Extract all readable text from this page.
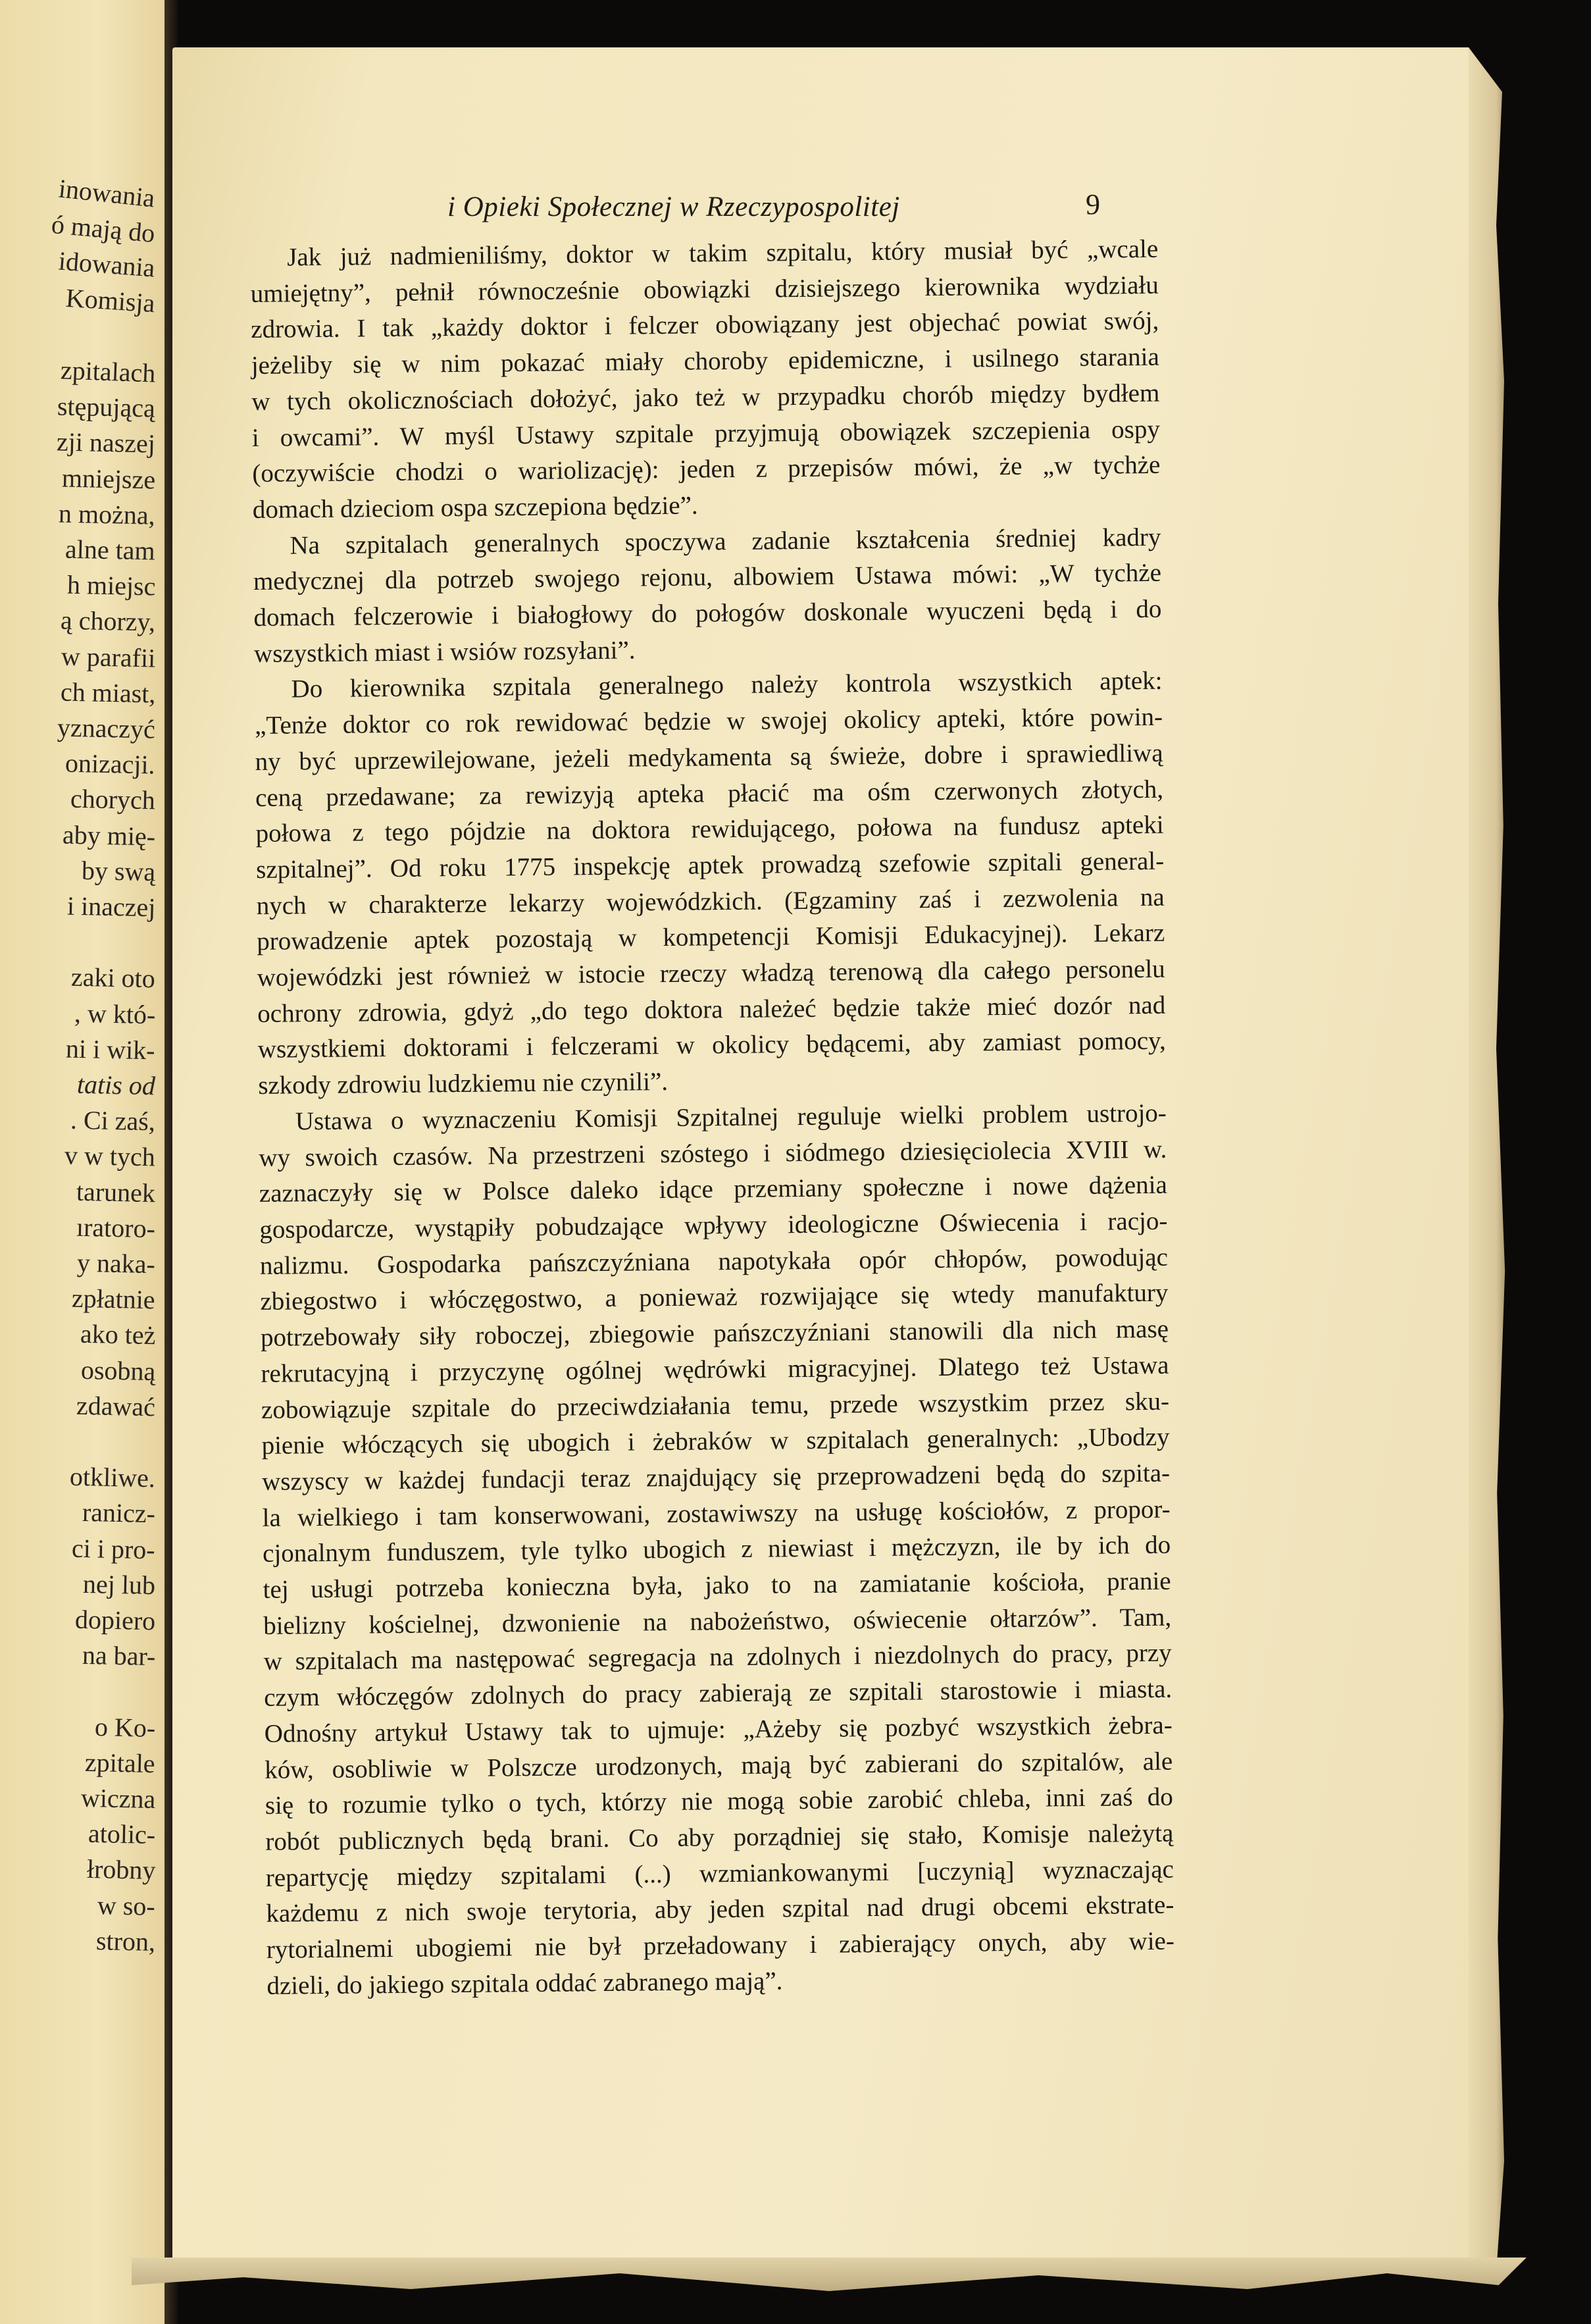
inowania
ó mają do
idowania
Komisja
zpitalach
stępującą
zji naszej
mniejsze
n można,
alne tam
h miejsc
ą chorzy,
w parafii
ch miast,
yznaczyć
onizacji.
chorych
aby mię-
by swą
i inaczej
zaki oto
, w któ-
ni i wik-
tatis od
. Ci zaś,
v w tych
tarunek
ıratoro-
y naka-
zpłatnie
ako też
osobną
zdawać
otkliwe.
ranicz-
ci i pro-
nej lub
dopiero
na bar-
o Ko-
zpitale
wiczna
atolic-
łrobny
w so-
stron,
i Opieki Społecznej w Rzeczypospolitej	9
Jak już nadmieniliśmy, doktor w takim szpitalu, który musiał być „wcale
umiejętny”, pełnił równocześnie obowiązki dzisiejszego kierownika wydziału
zdrowia. I tak „każdy doktor i felczer obowiązany jest objechać powiat swój,
jeżeliby się w nim pokazać miały choroby epidemiczne, i usilnego starania
w tych okolicznościach dołożyć, jako też w przypadku chorób między bydłem
i owcami”. W myśl Ustawy szpitale przyjmują obowiązek szczepienia ospy
(oczywiście chodzi o wariolizację): jeden z przepisów mówi, że „w tychże
domach dzieciom ospa szczepiona będzie”.
Na szpitalach generalnych spoczywa zadanie kształcenia średniej kadry
medycznej dla potrzeb swojego rejonu, albowiem Ustawa mówi: „W tychże
domach felczerowie i białogłowy do połogów doskonale wyuczeni będą i do
wszystkich miast i wsiów rozsyłani”.
Do kierownika szpitala generalnego należy kontrola wszystkich aptek:
„Tenże doktor co rok rewidować będzie w swojej okolicy apteki, które powin-
ny być uprzewilejowane, jeżeli medykamenta są świeże, dobre i sprawiedliwą
ceną przedawane; za rewizyją apteka płacić ma ośm czerwonych złotych,
połowa z tego pójdzie na doktora rewidującego, połowa na fundusz apteki
szpitalnej”. Od roku 1775 inspekcję aptek prowadzą szefowie szpitali general-
nych w charakterze lekarzy wojewódzkich. (Egzaminy zaś i zezwolenia na
prowadzenie aptek pozostają w kompetencji Komisji Edukacyjnej). Lekarz
wojewódzki jest również w istocie rzeczy władzą terenową dla całego personelu
ochrony zdrowia, gdyż „do tego doktora należeć będzie także mieć dozór nad
wszystkiemi doktorami i felczerami w okolicy będącemi, aby zamiast pomocy,
szkody zdrowiu ludzkiemu nie czynili”.
Ustawa o wyznaczeniu Komisji Szpitalnej reguluje wielki problem ustrojo-
wy swoich czasów. Na przestrzeni szóstego i siódmego dziesięciolecia XVIII w.
zaznaczyły się w Polsce daleko idące przemiany społeczne i nowe dążenia
gospodarcze, wystąpiły pobudzające wpływy ideologiczne Oświecenia i racjo-
nalizmu. Gospodarka pańszczyźniana napotykała opór chłopów, powodując
zbiegostwo i włóczęgostwo, a ponieważ rozwijające się wtedy manufaktury
potrzebowały siły roboczej, zbiegowie pańszczyźniani stanowili dla nich masę
rekrutacyjną i przyczynę ogólnej wędrówki migracyjnej. Dlatego też Ustawa
zobowiązuje szpitale do przeciwdziałania temu, przede wszystkim przez sku-
pienie włóczących się ubogich i żebraków w szpitalach generalnych: „Ubodzy
wszyscy w każdej fundacji teraz znajdujący się przeprowadzeni będą do szpita-
la wielkiego i tam konserwowani, zostawiwszy na usługę kościołów, z propor-
cjonalnym funduszem, tyle tylko ubogich z niewiast i mężczyzn, ile by ich do
tej usługi potrzeba konieczna była, jako to na zamiatanie kościoła, pranie
bielizny kościelnej, dzwonienie na nabożeństwo, oświecenie ołtarzów”. Tam,
w szpitalach ma następować segregacja na zdolnych i niezdolnych do pracy, przy
czym włóczęgów zdolnych do pracy zabierają ze szpitali starostowie i miasta.
Odnośny artykuł Ustawy tak to ujmuje: „Ażeby się pozbyć wszystkich żebra-
ków, osobliwie w Polszcze urodzonych, mają być zabierani do szpitalów, ale
się to rozumie tylko o tych, którzy nie mogą sobie zarobić chleba, inni zaś do
robót publicznych będą brani. Co aby porządniej się stało, Komisje należytą
repartycję między szpitalami (...) wzmiankowanymi [uczynią] wyznaczając
każdemu z nich swoje terytoria, aby jeden szpital nad drugi obcemi ekstrate-
rytorialnemi ubogiemi nie był przeładowany i zabierający onych, aby wie-
dzieli, do jakiego szpitala oddać zabranego mają”.
